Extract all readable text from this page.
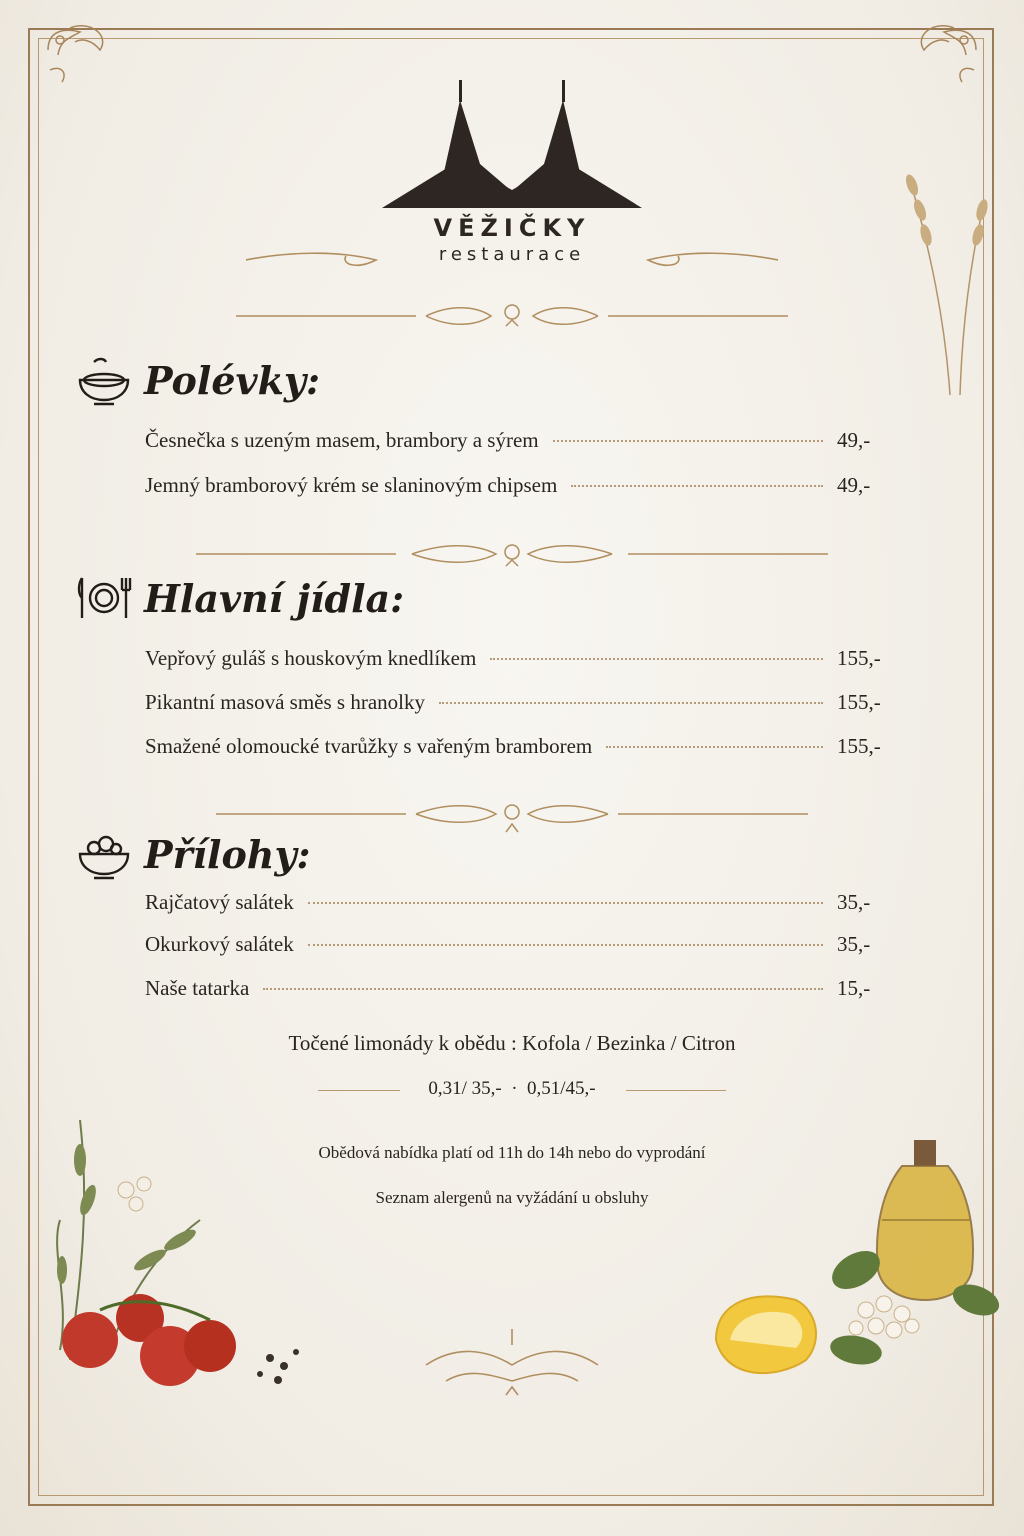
VĚŽIČKY
restaurace
Polévky:
Česnečka s uzeným masem, brambory a sýrem	49,-
Jemný bramborový krém se slaninovým chipsem	49,-
Hlavní jídla:
Vepřový guláš s houskovým knedlíkem	155,-
Pikantní masová směs s hranolky	155,-
Smažené olomoucké tvarůžky s vařeným bramborem	155,-
Přílohy:
Rajčatový salátek	35,-
Okurkový salátek	35,-
Naše tatarka	15,-
Točené limonády k obědu : Kofola / Bezinka / Citron
0,31/ 35,-  ·  0,51/45,-
Obědová nabídka platí od 11h do 14h nebo do vyprodání
Seznam alergenů na vyžádání u obsluhy
